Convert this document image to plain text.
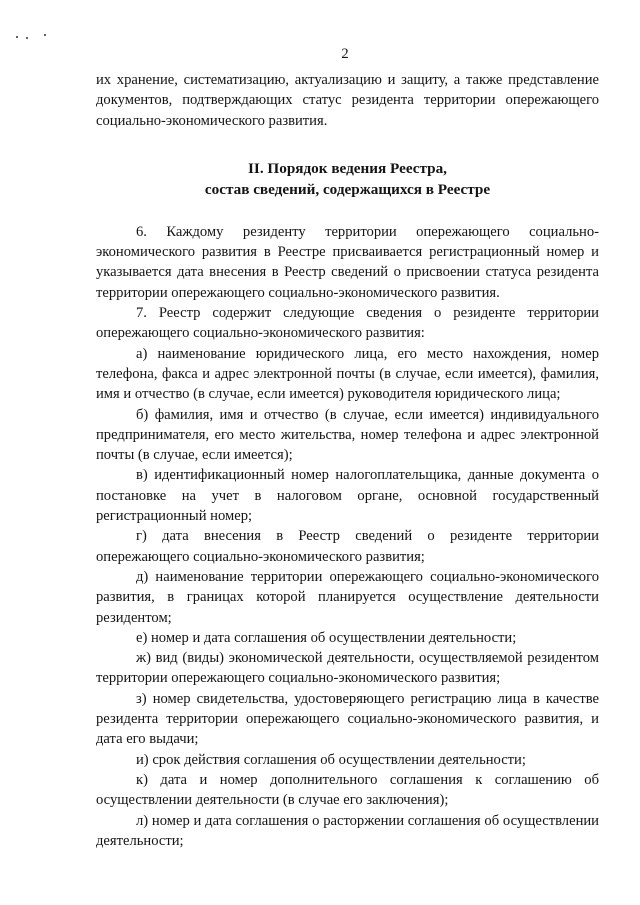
2

их хранение, систематизацию, актуализацию и защиту, а также представление документов, подтверждающих статус резидента территории опережающего социально-экономического развития.

II. Порядок ведения Реестра,
состав сведений, содержащихся в Реестре

6. Каждому резиденту территории опережающего социально-экономического развития в Реестре присваивается регистрационный номер и указывается дата внесения в Реестр сведений о присвоении статуса резидента территории опережающего социально-экономического развития.

7. Реестр содержит следующие сведения о резиденте территории опережающего социально-экономического развития:

а) наименование юридического лица, его место нахождения, номер телефона, факса и адрес электронной почты (в случае, если имеется), фамилия, имя и отчество (в случае, если имеется) руководителя юридического лица;

б) фамилия, имя и отчество (в случае, если имеется) индивидуального предпринимателя, его место жительства, номер телефона и адрес электронной почты (в случае, если имеется);

в) идентификационный номер налогоплательщика, данные документа о постановке на учет в налоговом органе, основной государственный регистрационный номер;

г) дата внесения в Реестр сведений о резиденте территории опережающего социально-экономического развития;

д) наименование территории опережающего социально-экономического развития, в границах которой планируется осуществление деятельности резидентом;

е) номер и дата соглашения об осуществлении деятельности;

ж) вид (виды) экономической деятельности, осуществляемой резидентом территории опережающего социально-экономического развития;

з) номер свидетельства, удостоверяющего регистрацию лица в качестве резидента территории опережающего социально-экономического развития, и дата его выдачи;

и) срок действия соглашения об осуществлении деятельности;

к) дата и номер дополнительного соглашения к соглашению об осуществлении деятельности (в случае его заключения);

л) номер и дата соглашения о расторжении соглашения об осуществлении деятельности;
